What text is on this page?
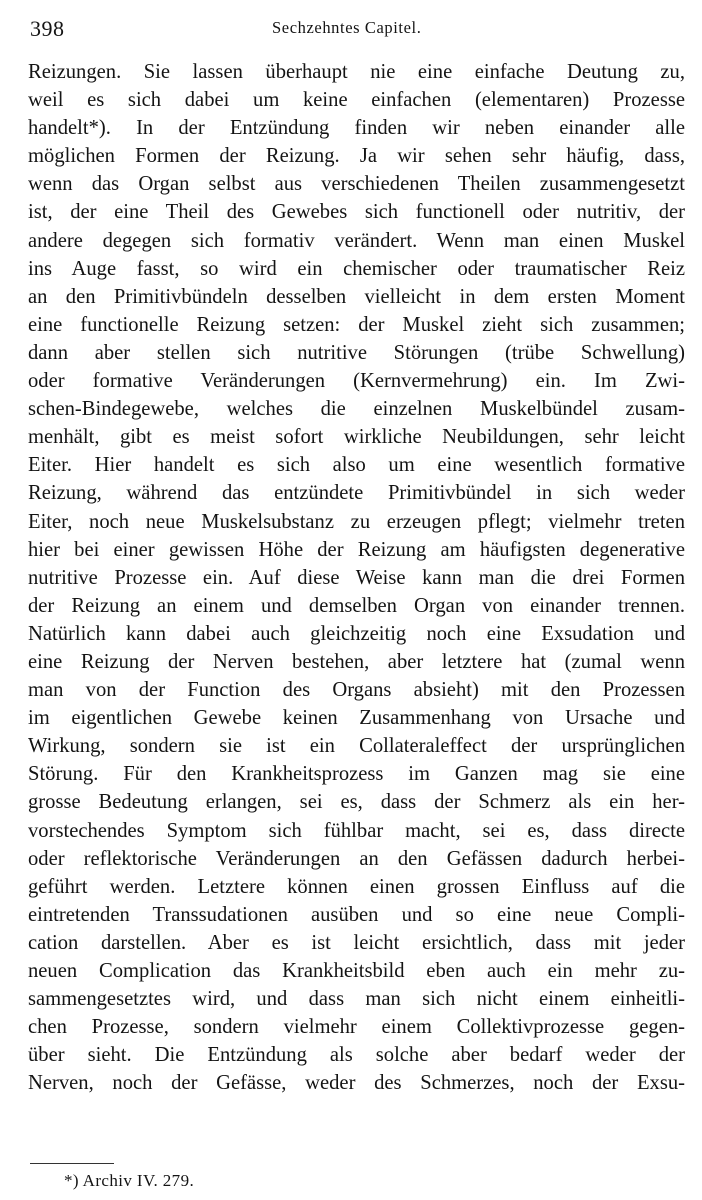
398	Sechzehntes Capitel.
Reizungen. Sie lassen überhaupt nie eine einfache Deutung zu,
weil es sich dabei um keine einfachen (elementaren) Prozesse
handelt*). In der Entzündung finden wir neben einander alle
möglichen Formen der Reizung. Ja wir sehen sehr häufig, dass,
wenn das Organ selbst aus verschiedenen Theilen zusammengesetzt
ist, der eine Theil des Gewebes sich functionell oder nutritiv, der
andere degegen sich formativ verändert. Wenn man einen Muskel
ins Auge fasst, so wird ein chemischer oder traumatischer Reiz
an den Primitivbündeln desselben vielleicht in dem ersten Moment
eine functionelle Reizung setzen: der Muskel zieht sich zusammen;
dann aber stellen sich nutritive Störungen (trübe Schwellung)
oder formative Veränderungen (Kernvermehrung) ein. Im Zwi-
schen-Bindegewebe, welches die einzelnen Muskelbündel zusam-
menhält, gibt es meist sofort wirkliche Neubildungen, sehr leicht
Eiter. Hier handelt es sich also um eine wesentlich formative
Reizung, während das entzündete Primitivbündel in sich weder
Eiter, noch neue Muskelsubstanz zu erzeugen pflegt; vielmehr treten
hier bei einer gewissen Höhe der Reizung am häufigsten degenerative
nutritive Prozesse ein. Auf diese Weise kann man die drei Formen
der Reizung an einem und demselben Organ von einander trennen.
Natürlich kann dabei auch gleichzeitig noch eine Exsudation und
eine Reizung der Nerven bestehen, aber letztere hat (zumal wenn
man von der Function des Organs absieht) mit den Prozessen
im eigentlichen Gewebe keinen Zusammenhang von Ursache und
Wirkung, sondern sie ist ein Collateraleffect der ursprünglichen
Störung. Für den Krankheitsprozess im Ganzen mag sie eine
grosse Bedeutung erlangen, sei es, dass der Schmerz als ein her-
vorstechendes Symptom sich fühlbar macht, sei es, dass directe
oder reflektorische Veränderungen an den Gefässen dadurch herbei-
geführt werden. Letztere können einen grossen Einfluss auf die
eintretenden Transsudationen ausüben und so eine neue Compli-
cation darstellen. Aber es ist leicht ersichtlich, dass mit jeder
neuen Complication das Krankheitsbild eben auch ein mehr zu-
sammengesetztes wird, und dass man sich nicht einem einheitli-
chen Prozesse, sondern vielmehr einem Collektivprozesse gegen-
über sieht. Die Entzündung als solche aber bedarf weder der
Nerven, noch der Gefässe, weder des Schmerzes, noch der Exsu-
*) Archiv IV. 279.
